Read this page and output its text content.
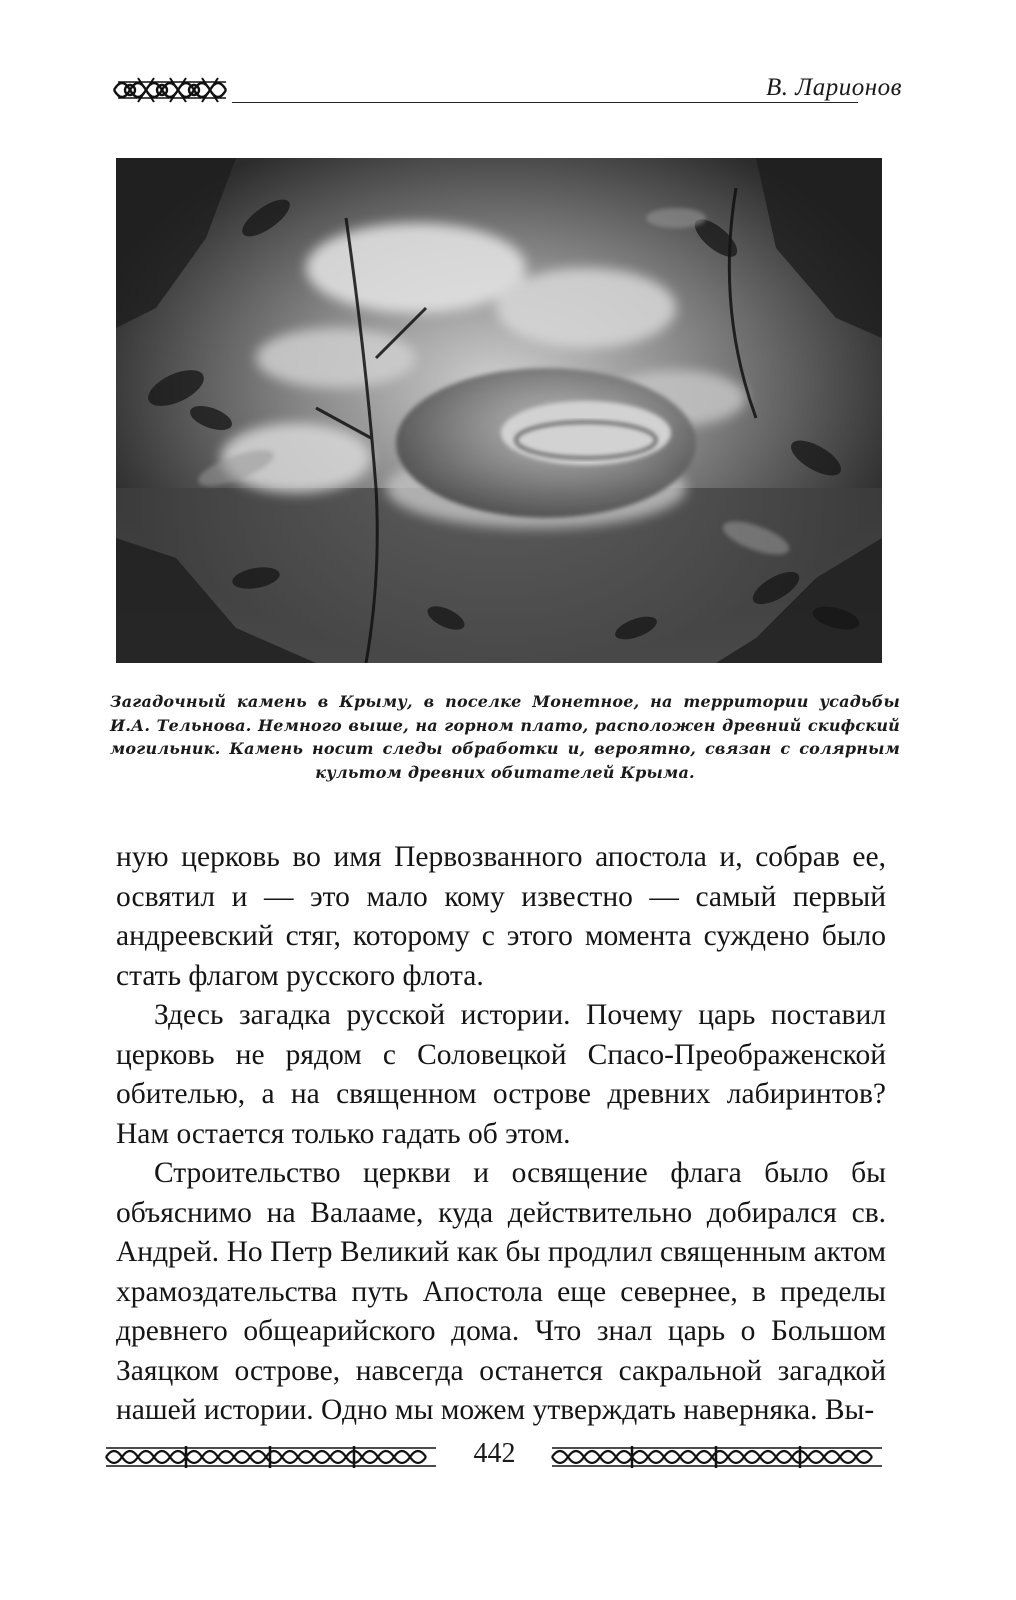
В. Ларионов
Загадочный камень в Крыму, в поселке Монетное, на территории усадьбы И.А. Тельнова. Немного выше, на горном плато, расположен древний скифский могильник. Камень носит следы обработки и, вероятно, связан с солярным культом древних обитателей Крыма.

ную церковь во имя Первозванного апостола и, собрав ее, освятил и — это мало кому известно — самый первый андреевский стяг, которому с этого момента суждено было стать флагом русского флота.

Здесь загадка русской истории. Почему царь поставил церковь не рядом с Соловецкой Спасо-Преображенской обителью, а на священном острове древних лабиринтов? Нам остается только гадать об этом.

Строительство церкви и освящение флага было бы объяснимо на Валааме, куда действительно добирался св. Андрей. Но Петр Великий как бы продлил священным актом храмоздательства путь Апостола еще севернее, в пределы древнего общеарийского дома. Что знал царь о Большом Заяцком острове, навсегда останется сакральной загадкой нашей истории. Одно мы можем утверждать наверняка. Вы-

442
